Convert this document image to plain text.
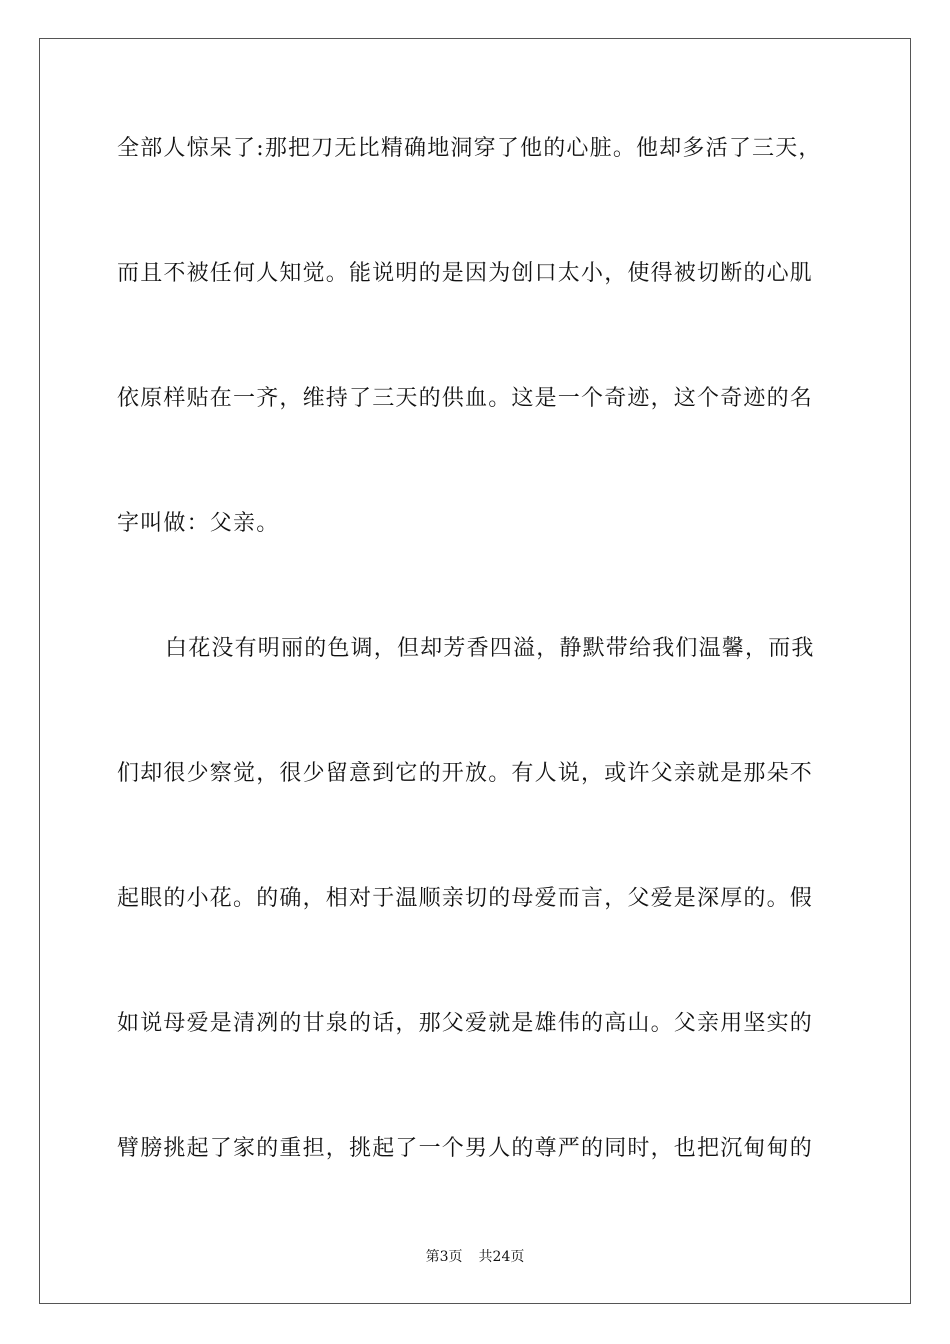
全部人惊呆了:那把刀无比精确地洞穿了他的心脏。他却多活了三天，
而且不被任何人知觉。能说明的是因为创口太小，使得被切断的心肌
依原样贴在一齐，维持了三天的供血。这是一个奇迹，这个奇迹的名
字叫做：父亲。
白花没有明丽的色调，但却芳香四溢，静默带给我们温馨，而我
们却很少察觉，很少留意到它的开放。有人说，或许父亲就是那朵不
起眼的小花。的确，相对于温顺亲切的母爱而言，父爱是深厚的。假
如说母爱是清冽的甘泉的话，那父爱就是雄伟的高山。父亲用坚实的
臂膀挑起了家的重担，挑起了一个男人的尊严的同时，也把沉甸甸的
第3页 共24页
